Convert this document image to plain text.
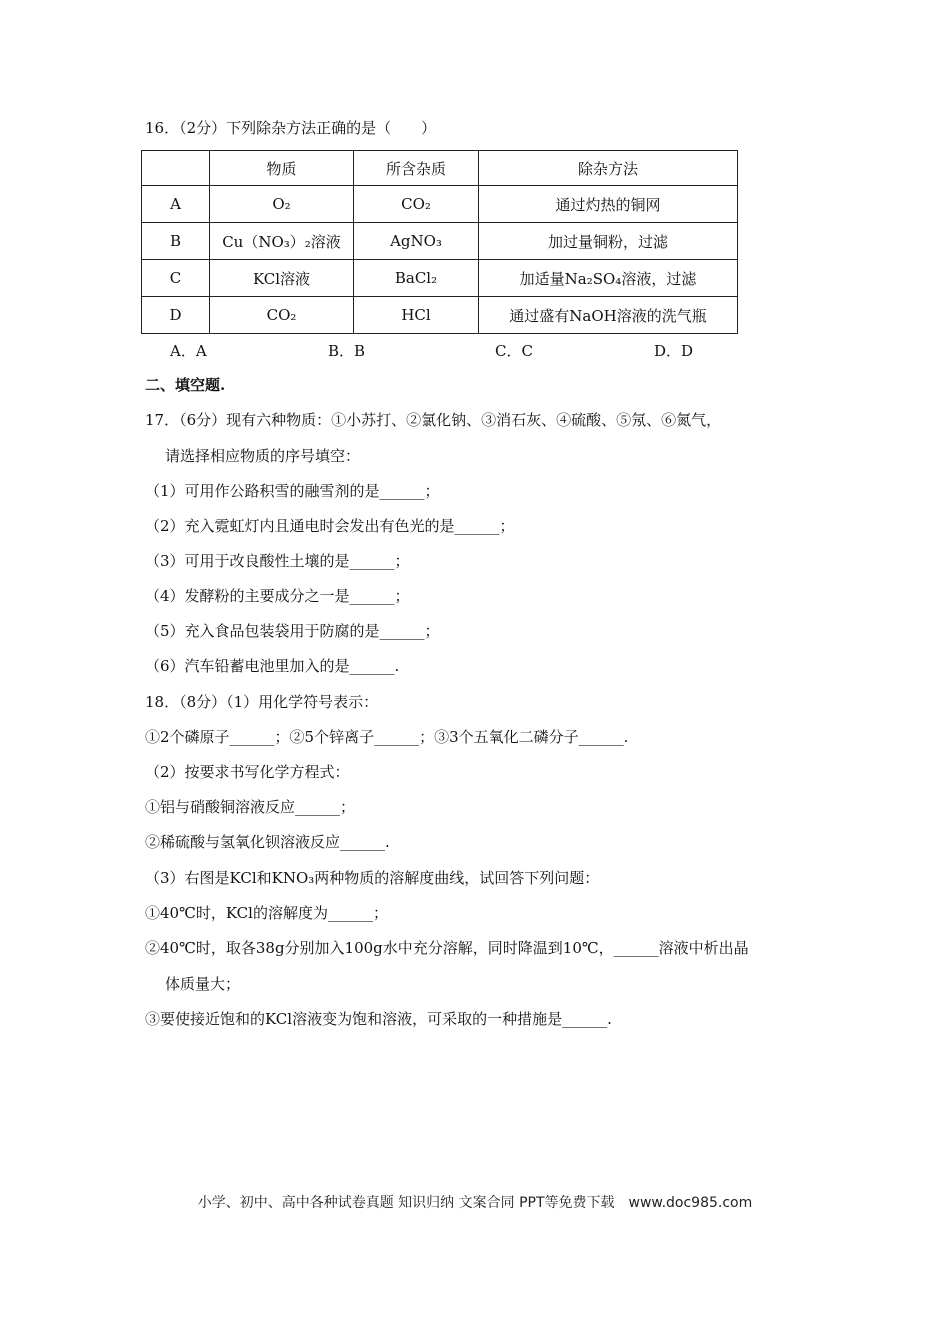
16．（2分）下列除杂方法正确的是（　　）
	物质	所含杂质	除杂方法
A	O₂	CO₂	通过灼热的铜网
B	Cu（NO₃）₂溶液	AgNO₃	加过量铜粉，过滤
C	KCl溶液	BaCl₂	加适量Na₂SO₄溶液，过滤
D	CO₂	HCl	通过盛有NaOH溶液的洗气瓶
A．A	B．B	C．C	D．D
二、填空题.
17．（6分）现有六种物质：①小苏打、②氯化钠、③消石灰、④硫酸、⑤氖、⑥氮气，
请选择相应物质的序号填空：
（1）可用作公路积雪的融雪剂的是______；
（2）充入霓虹灯内且通电时会发出有色光的是______；
（3）可用于改良酸性土壤的是______；
（4）发酵粉的主要成分之一是______；
（5）充入食品包装袋用于防腐的是______；
（6）汽车铅蓄电池里加入的是______.
18．（8分）（1）用化学符号表示：
①2个磷原子______；②5个锌离子______；③3个五氧化二磷分子______.
（2）按要求书写化学方程式：
①铝与硝酸铜溶液反应______；
②稀硫酸与氢氧化钡溶液反应______.
（3）右图是KCl和KNO₃两种物质的溶解度曲线，试回答下列问题：
①40℃时，KCl的溶解度为______；
②40℃时，取各38g分别加入100g水中充分溶解，同时降温到10℃，______溶液中析出晶
体质量大；
③要使接近饱和的KCl溶液变为饱和溶液，可采取的一种措施是______.
小学、初中、高中各种试卷真题 知识归纳 文案合同 PPT等免费下载　www.doc985.com
